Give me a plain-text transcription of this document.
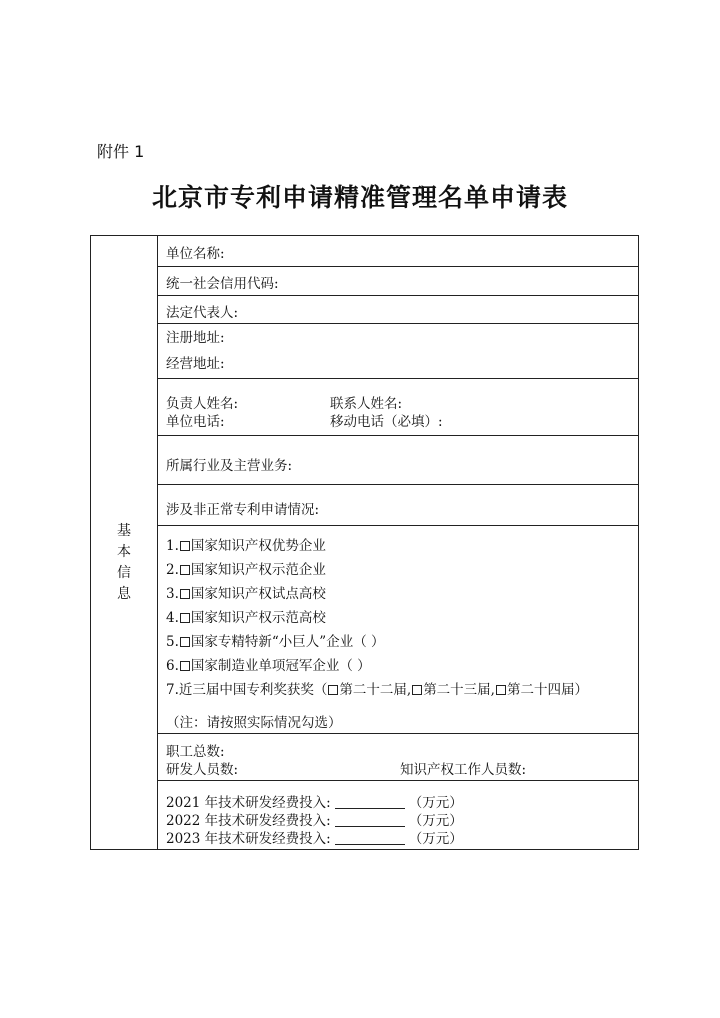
附件 1
北京市专利申请精准管理名单申请表
基
本
信
息
单位名称:
统一社会信用代码:
法定代表人:
注册地址:
经营地址:
负责人姓名:	联系人姓名:
单位电话:	移动电话（必填）:
所属行业及主营业务:
涉及非正常专利申请情况:
1. 国家知识产权优势企业
2. 国家知识产权示范企业
3. 国家知识产权试点高校
4. 国家知识产权示范高校
5. 国家专精特新“小巨人”企业（ ）
6. 国家制造业单项冠军企业（ ）
7.近三届中国专利奖获奖（ 第二十二届, 第二十三届, 第二十四届）
（注：请按照实际情况勾选）
职工总数:
研发人员数:	知识产权工作人员数:
2021 年技术研发经费投入:	（万元）
2022 年技术研发经费投入:	（万元）
2023 年技术研发经费投入:	（万元）
